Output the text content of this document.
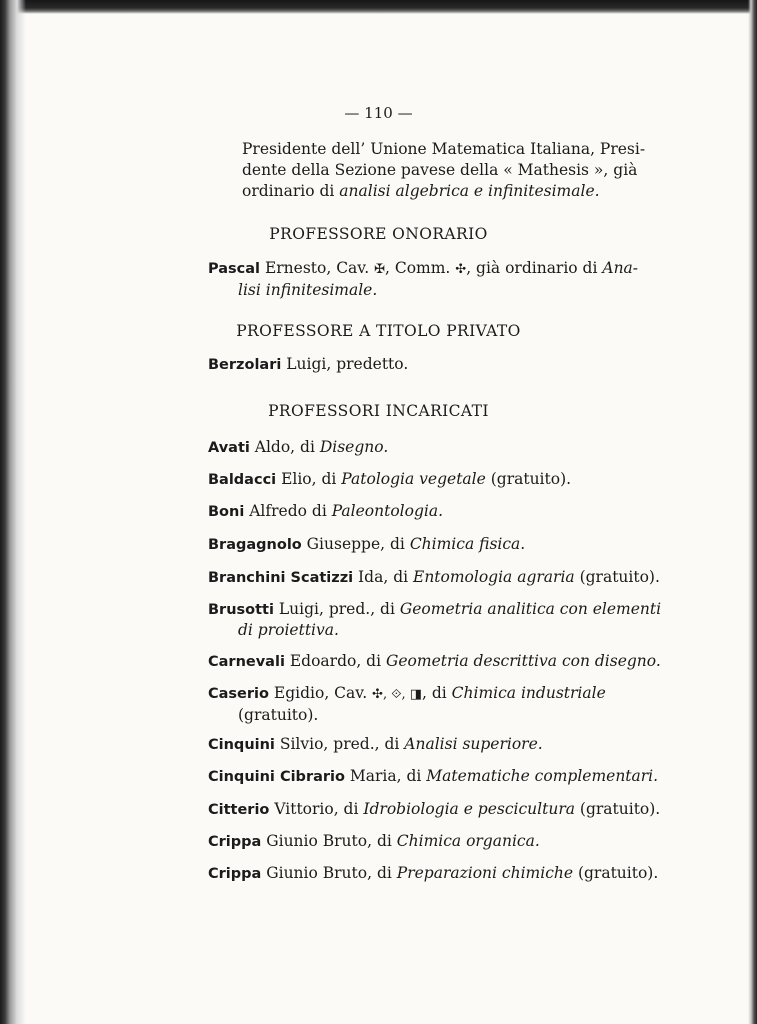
— 110 —
Presidente dell’ Unione Matematica Italiana, Presi-
dente della Sezione pavese della « Mathesis », già
ordinario di analisi algebrica e infinitesimale.
PROFESSORE ONORARIO
Pascal Ernesto, Cav. ✠, Comm. ✣, già ordinario di Ana-
lisi infinitesimale.
PROFESSORE A TITOLO PRIVATO
Berzolari Luigi, predetto.
PROFESSORI INCARICATI
Avati Aldo, di Disegno.
Baldacci Elio, di Patologia vegetale (gratuito).
Boni Alfredo di Paleontologia.
Bragagnolo Giuseppe, di Chimica fisica.
Branchini Scatizzi Ida, di Entomologia agraria (gratuito).
Brusotti Luigi, pred., di Geometria analitica con elementi
di proiettiva.
Carnevali Edoardo, di Geometria descrittiva con disegno.
Caserio Egidio, Cav. ✣, ⟐, ◨, di Chimica industriale
(gratuito).
Cinquini Silvio, pred., di Analisi superiore.
Cinquini Cibrario Maria, di Matematiche complementari.
Citterio Vittorio, di Idrobiologia e pescicultura (gratuito).
Crippa Giunio Bruto, di Chimica organica.
Crippa Giunio Bruto, di Preparazioni chimiche (gratuito).
